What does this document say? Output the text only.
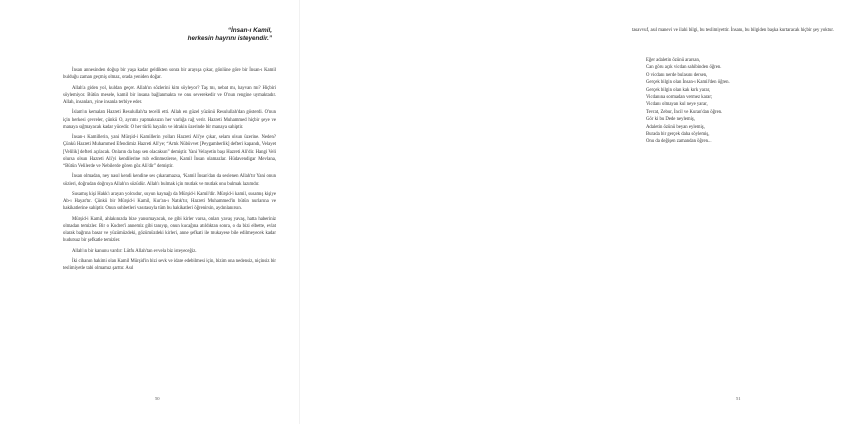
“İnsan-ı Kamil,
herkesin hayrını isteyendir.”

İnsan annesinden doğup bir yaşa kadar geldikten sonra bir arayışa çıkar, gönlüne göre bir İnsan-ı Kamil bulduğu zaman geçmiş olmaz, orada yeniden doğar.

Allah'a giden yol, kuldan geçer. Allah'ın sözlerini kim söyleyor? Taş mı, nebat mı, hayvan mı? Hiçbiri söylemiyor. Bütün mesele, kamil bir insana bağlanmakta ve onu severekedir ve O'nun rengine uymaktadır. Allah, insanları, yine insanla terbiye eder.

İslam'ın kemalatı Hazreti Resulullah'ta tecelli etti. Allah en güzel yüzünü Resulullah'dan gösterdi. O'nun için herkesi çevreler, çünkü O, ayrımı yapmaksızın her varlığa rağ verir. Hazreti Muhammed hiçbir şeye ve manaya sığmayacak kadar yücedir. O her türlü hayalin ve idrakin üzerinde bir manaya sahiptir.

İnsan-ı Kamillerin, yani Mürşid-i Kamillerin yolları Hazreti Ali'ye çıkar, selam olsun üzerine. Neden? Çünkü Hazreti Muhammed Efendimiz Hazreti Ali'ye; “Artık Nübüvvet [Peygamberlik] defteri kapandı, Velayet [Velilik] defteri açılacak. Onların da başı sen olacaksın” demiştir. Yani Velayetin başı Hazreti Ali'dir. Hangi Veli olursa olsun Hazreti Ali'yi kendilerine rub edinmezlerse, Kamil İnsan olamazlar. Hüdavendigar Mevlana, “Bütün Velilerde ve Nebilerde gören göz Ali'dir” demiştir.

İnsan olmadan, ney nasıl kendi kendine ses çıkaramazsa, ‘Kamil İnsan'dan da seslenen Allah'tır Yani onun sözleri, doğrudan doğruya Allah'ın sözüdür. Allah'ı bulmak için mutlak ve mutlak onu bulmak lazımdır.

Susamış kişi Hakk'ı arayan yolcudur, suyun kaynağı da Mürşid-i Kamil'dir. Mürşid-i kamil, susamış kişiye Ab-ı Hayat'tır. Çünkü bir Mürşid-i Kamil, Kur'an-ı Natık'tır, Hazreti Muhammed'in bütün nurlarına ve hakikatlerine sahiptir. Onun sohbetleri vasıtasıyla tüm bu hakikatleri öğrenirsin, aydınlanırsın.

Mürşid-i Kamil, ahlakınızda bize yansımayacak, ne gibi kirler varsa, onları yavaş yavaş, hatta haberiniz olmadan temizler. Bir o Kudret'i annemiz gibi tanıyıp, onun kucağına atıldıktan sonra, o da bizi elbette, evlat olarak bağrına basar ve yüzümüzdeki, gözümüzdeki kirleri, anne şefkati ile mukayese bile edilmeyecek kadar hudutsuz bir şefkatle temizler.

Allah'ın bir kanunu vardır: Lütfu Allah'tan evvela biz isteyeceğiz.

İki cihanın hakimi olan Kamil Mürşid'in bizi sevk ve idare edebilmesi için, bizim ona nedensiz, niçinsiz bir teslimiyetle tabi olmamız şarttır. Asıl

50

tasavvuf, asıl manevi ve ilahi bilgi, bu teslimiyettir. İnsanı, bu bilgiden başka kurtaracak hiçbir şey yoktur.

Eğer adaletin özünü ararsan,
Can göru açık vicdan sahibinden öğren.
O vicdanı nerde bulasını dersen,
Gerçek bilgin olan İnsan-ı Kamil'den öğren.
Gerçek bilgin olan kak kırk yarar,
Vicdanına sormadan vermez karar;
Vicdanı olmayan kul neye yarar,
Tevrat, Zebur, İncil ve Kuran'dan öğren.
Gör ki bu Dede neylemiş,
Adaletin özünü beyan eylemiş,
Burada bir gerçek daha söylemiş,
Onu da değişen zamandan öğren...
51
